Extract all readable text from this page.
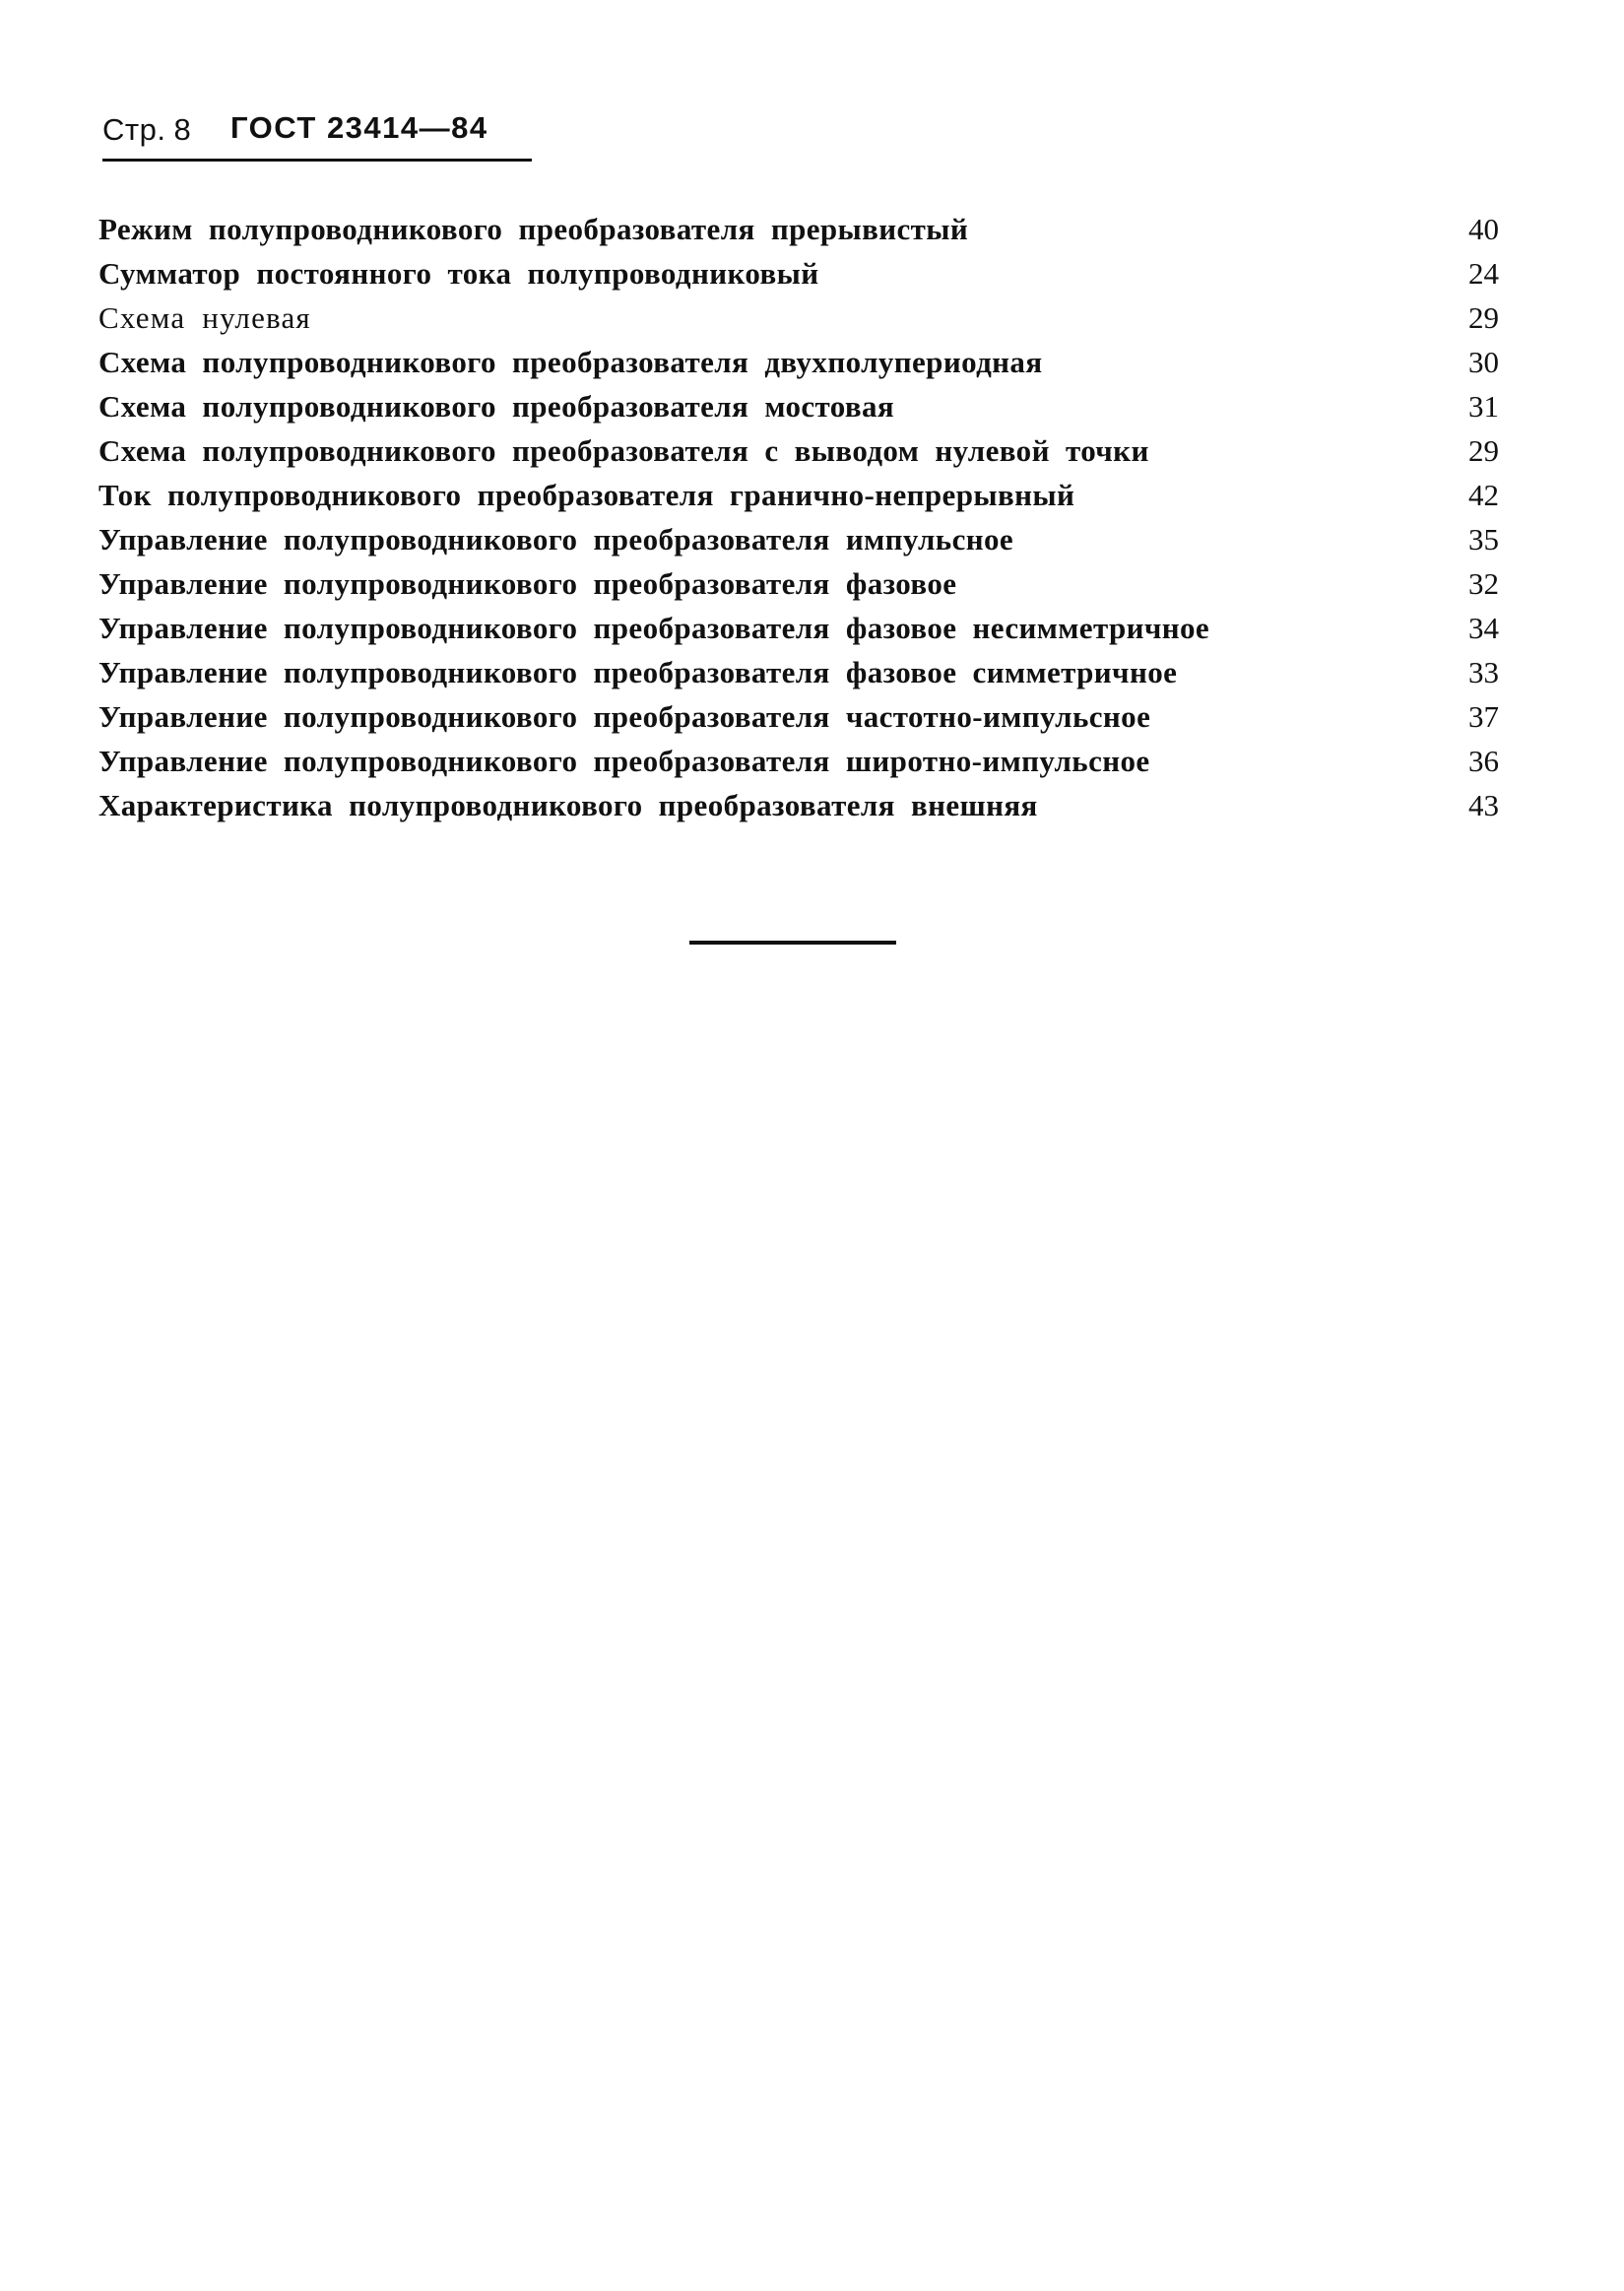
Стр. 8 ГОСТ 23414—84
Режим полупроводникового преобразователя прерывистый	40
Сумматор постоянного тока полупроводниковый	24
Схема нулевая	29
Схема полупроводникового преобразователя двухполупериодная	30
Схема полупроводникового преобразователя мостовая	31
Схема полупроводникового преобразователя с выводом нулевой точки	29
Ток полупроводникового преобразователя гранично-непрерывный	42
Управление полупроводникового преобразователя импульсное	35
Управление полупроводникового преобразователя фазовое	32
Управление полупроводникового преобразователя фазовое несимметричное	34
Управление полупроводникового преобразователя фазовое симметричное	33
Управление полупроводникового преобразователя частотно-импульсное	37
Управление полупроводникового преобразователя широтно-импульсное	36
Характеристика полупроводникового преобразователя внешняя	43
